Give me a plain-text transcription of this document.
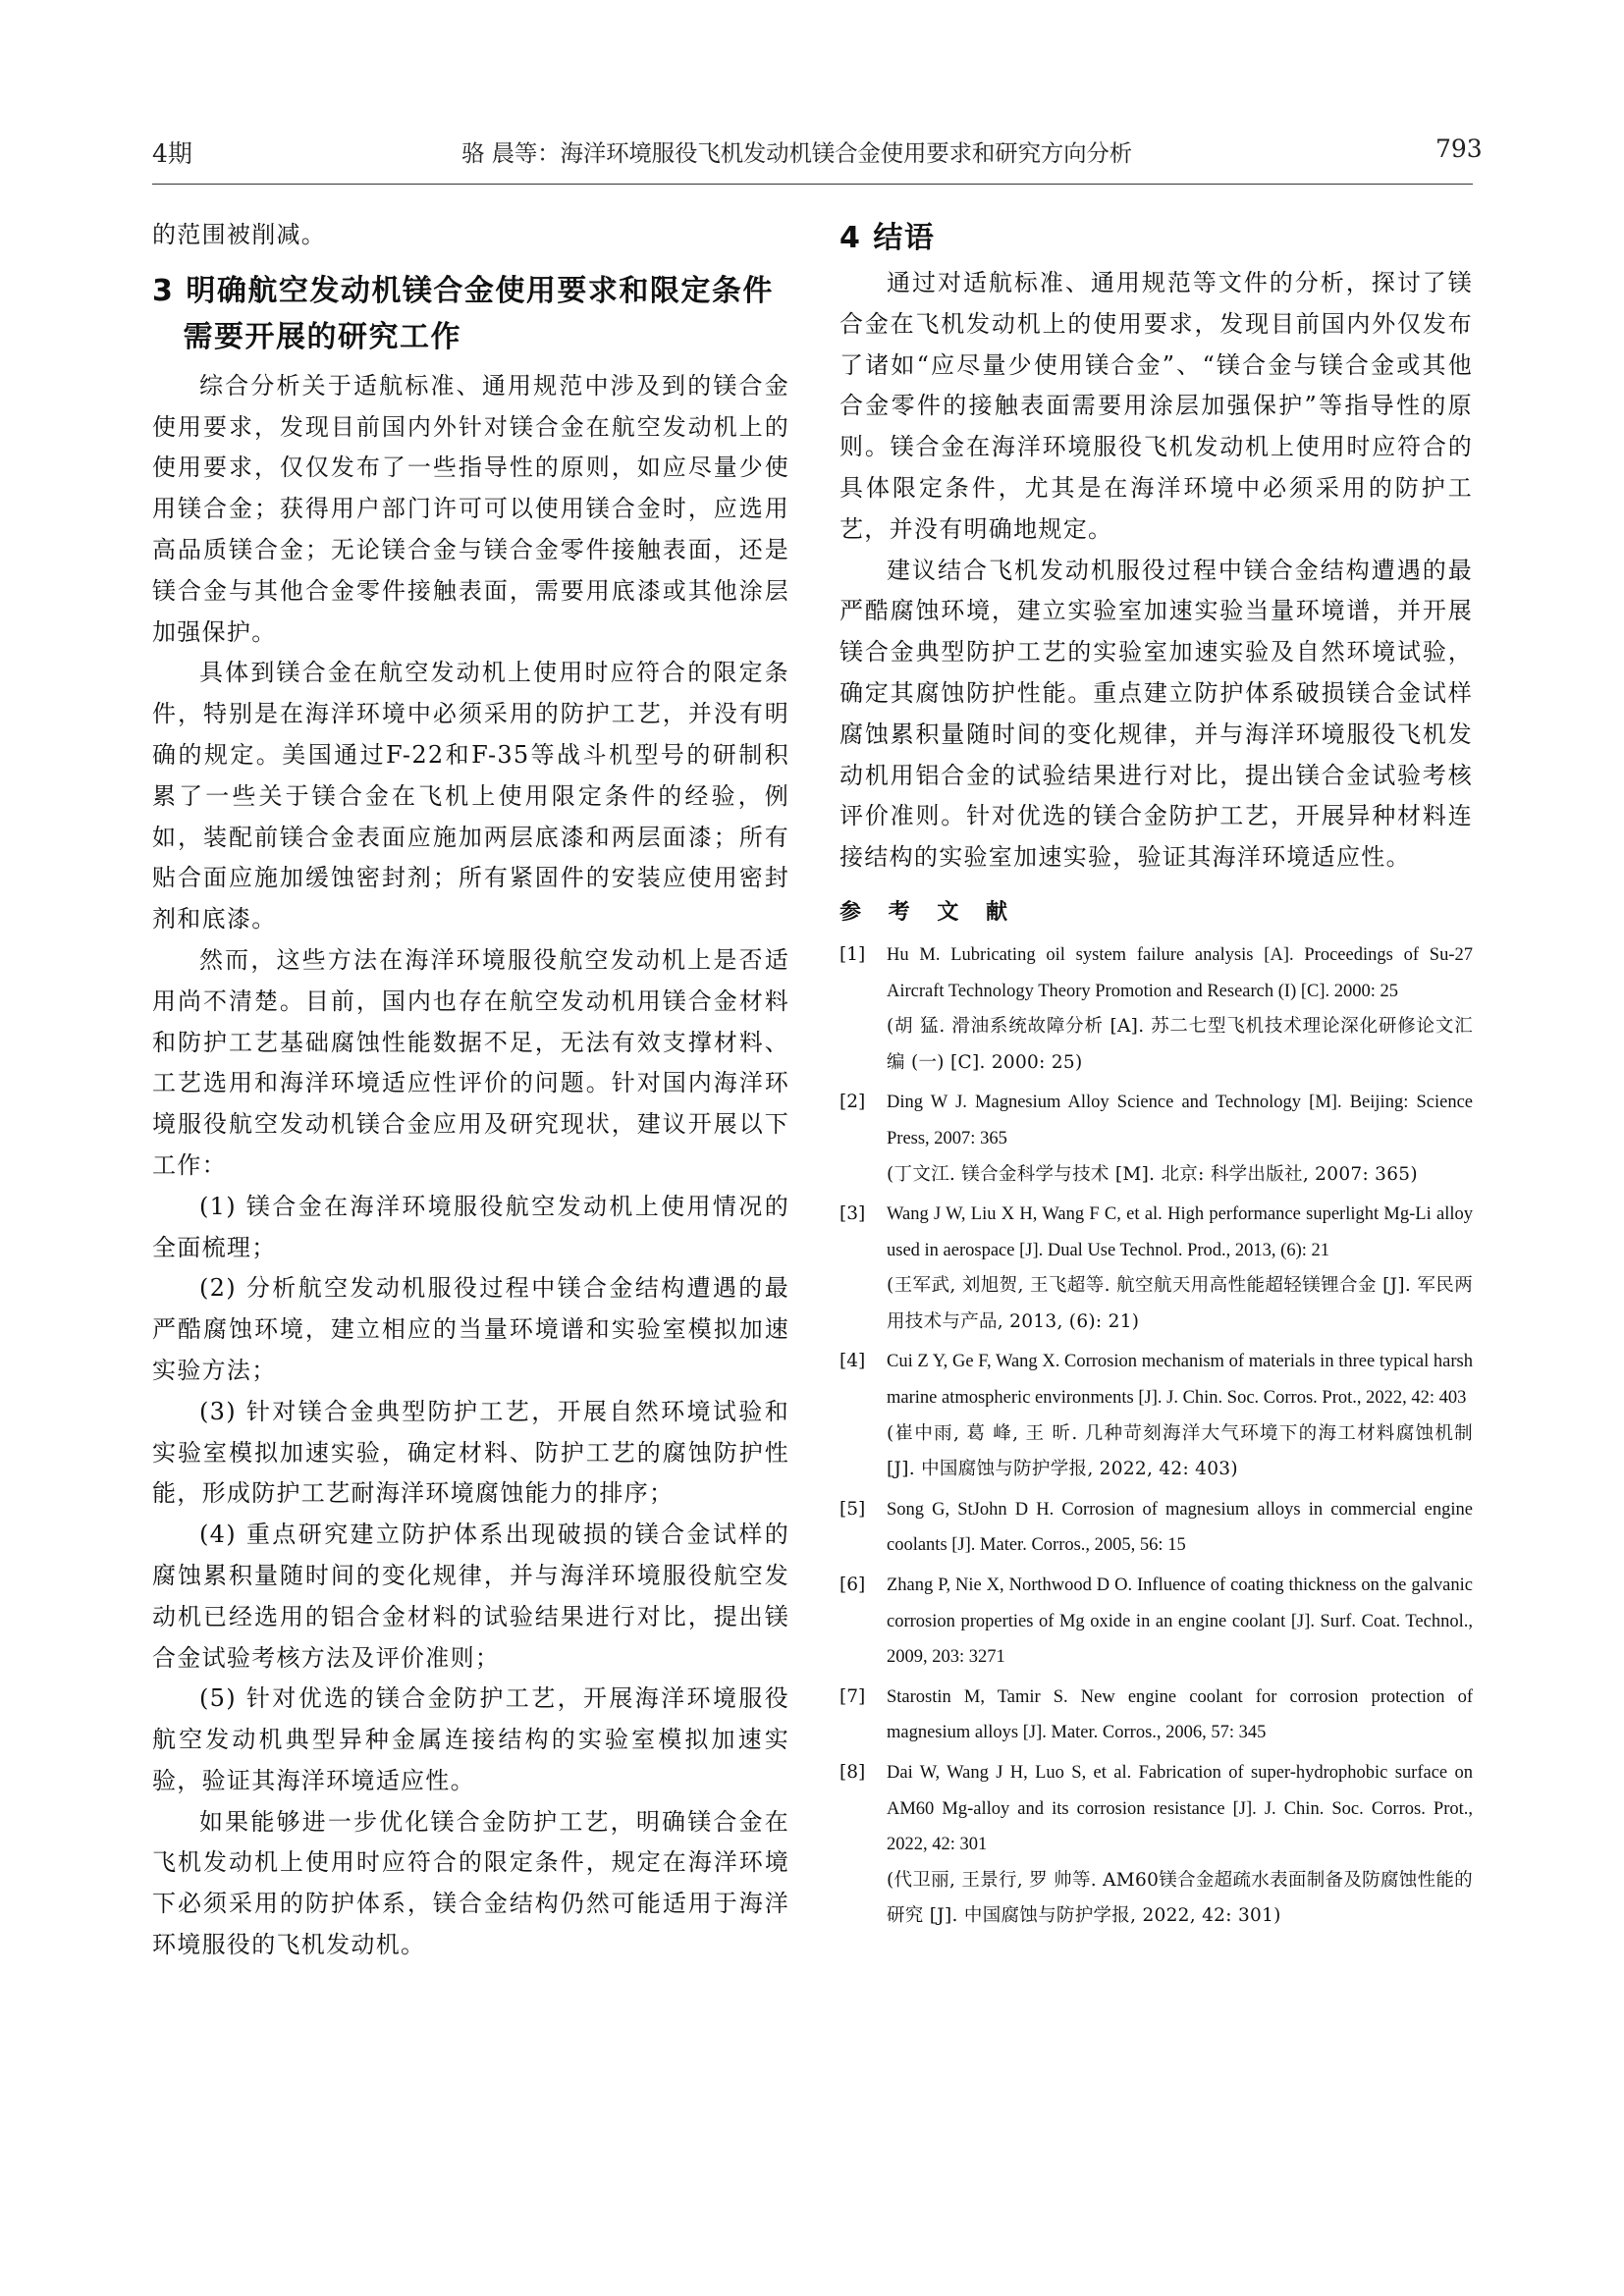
4期	骆 晨等：海洋环境服役飞机发动机镁合金使用要求和研究方向分析	793

的范围被削减。

3 明确航空发动机镁合金使用要求和限定条件需要开展的研究工作

综合分析关于适航标准、通用规范中涉及到的镁合金使用要求，发现目前国内外针对镁合金在航空发动机上的使用要求，仅仅发布了一些指导性的原则，如应尽量少使用镁合金；获得用户部门许可可以使用镁合金时，应选用高品质镁合金；无论镁合金与镁合金零件接触表面，还是镁合金与其他合金零件接触表面，需要用底漆或其他涂层加强保护。

具体到镁合金在航空发动机上使用时应符合的限定条件，特别是在海洋环境中必须采用的防护工艺，并没有明确的规定。美国通过F-22和F-35等战斗机型号的研制积累了一些关于镁合金在飞机上使用限定条件的经验，例如，装配前镁合金表面应施加两层底漆和两层面漆；所有贴合面应施加缓蚀密封剂；所有紧固件的安装应使用密封剂和底漆。

然而，这些方法在海洋环境服役航空发动机上是否适用尚不清楚。目前，国内也存在航空发动机用镁合金材料和防护工艺基础腐蚀性能数据不足，无法有效支撑材料、工艺选用和海洋环境适应性评价的问题。针对国内海洋环境服役航空发动机镁合金应用及研究现状，建议开展以下工作：

(1) 镁合金在海洋环境服役航空发动机上使用情况的全面梳理；

(2) 分析航空发动机服役过程中镁合金结构遭遇的最严酷腐蚀环境，建立相应的当量环境谱和实验室模拟加速实验方法；

(3) 针对镁合金典型防护工艺，开展自然环境试验和实验室模拟加速实验，确定材料、防护工艺的腐蚀防护性能，形成防护工艺耐海洋环境腐蚀能力的排序；

(4) 重点研究建立防护体系出现破损的镁合金试样的腐蚀累积量随时间的变化规律，并与海洋环境服役航空发动机已经选用的铝合金材料的试验结果进行对比，提出镁合金试验考核方法及评价准则；

(5) 针对优选的镁合金防护工艺，开展海洋环境服役航空发动机典型异种金属连接结构的实验室模拟加速实验，验证其海洋环境适应性。

如果能够进一步优化镁合金防护工艺，明确镁合金在飞机发动机上使用时应符合的限定条件，规定在海洋环境下必须采用的防护体系，镁合金结构仍然可能适用于海洋环境服役的飞机发动机。

4 结语

通过对适航标准、通用规范等文件的分析，探讨了镁合金在飞机发动机上的使用要求，发现目前国内外仅发布了诸如“应尽量少使用镁合金”、“镁合金与镁合金或其他合金零件的接触表面需要用涂层加强保护”等指导性的原则。镁合金在海洋环境服役飞机发动机上使用时应符合的具体限定条件，尤其是在海洋环境中必须采用的防护工艺，并没有明确地规定。

建议结合飞机发动机服役过程中镁合金结构遭遇的最严酷腐蚀环境，建立实验室加速实验当量环境谱，并开展镁合金典型防护工艺的实验室加速实验及自然环境试验，确定其腐蚀防护性能。重点建立防护体系破损镁合金试样腐蚀累积量随时间的变化规律，并与海洋环境服役飞机发动机用铝合金的试验结果进行对比，提出镁合金试验考核评价准则。针对优选的镁合金防护工艺，开展异种材料连接结构的实验室加速实验，验证其海洋环境适应性。

参 考 文 献
[1]	Hu M. Lubricating oil system failure analysis [A]. Proceedings of Su-27 Aircraft Technology Theory Promotion and Research (I) [C]. 2000: 25
(胡 猛. 滑油系统故障分析 [A]. 苏二七型飞机技术理论深化研修论文汇编 (一) [C]. 2000: 25)
[2]	Ding W J. Magnesium Alloy Science and Technology [M]. Beijing: Science Press, 2007: 365
(丁文江. 镁合金科学与技术 [M]. 北京: 科学出版社, 2007: 365)
[3]	Wang J W, Liu X H, Wang F C, et al. High performance superlight Mg-Li alloy used in aerospace [J]. Dual Use Technol. Prod., 2013, (6): 21
(王军武, 刘旭贺, 王飞超等. 航空航天用高性能超轻镁锂合金 [J]. 军民两用技术与产品, 2013, (6): 21)
[4]	Cui Z Y, Ge F, Wang X. Corrosion mechanism of materials in three typical harsh marine atmospheric environments [J]. J. Chin. Soc. Corros. Prot., 2022, 42: 403
(崔中雨, 葛 峰, 王 昕. 几种苛刻海洋大气环境下的海工材料腐蚀机制 [J]. 中国腐蚀与防护学报, 2022, 42: 403)
[5]	Song G, StJohn D H. Corrosion of magnesium alloys in commercial engine coolants [J]. Mater. Corros., 2005, 56: 15
[6]	Zhang P, Nie X, Northwood D O. Influence of coating thickness on the galvanic corrosion properties of Mg oxide in an engine coolant [J]. Surf. Coat. Technol., 2009, 203: 3271
[7]	Starostin M, Tamir S. New engine coolant for corrosion protection of magnesium alloys [J]. Mater. Corros., 2006, 57: 345
[8]	Dai W, Wang J H, Luo S, et al. Fabrication of super-hydrophobic surface on AM60 Mg-alloy and its corrosion resistance [J]. J. Chin. Soc. Corros. Prot., 2022, 42: 301
(代卫丽, 王景行, 罗 帅等. AM60镁合金超疏水表面制备及防腐蚀性能的研究 [J]. 中国腐蚀与防护学报, 2022, 42: 301)
